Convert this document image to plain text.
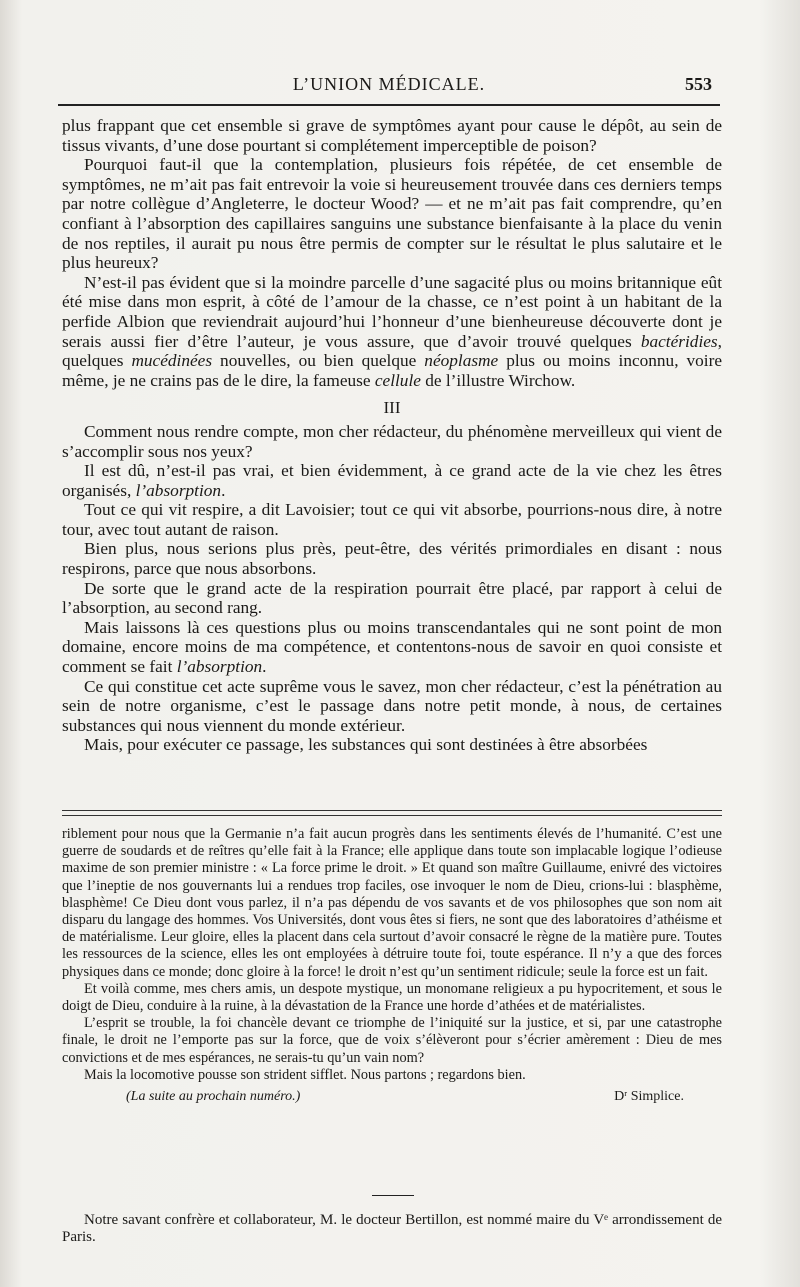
L’UNION MÉDICALE.	553

plus frappant que cet ensemble si grave de symptômes ayant pour cause le dépôt, au sein de tissus vivants, d’une dose pourtant si complétement imperceptible de poison?

Pourquoi faut-il que la contemplation, plusieurs fois répétée, de cet ensemble de symptômes, ne m’ait pas fait entrevoir la voie si heureusement trouvée dans ces derniers temps par notre collègue d’Angleterre, le docteur Wood? — et ne m’ait pas fait comprendre, qu’en confiant à l’absorption des capillaires sanguins une substance bienfaisante à la place du venin de nos reptiles, il aurait pu nous être permis de compter sur le résultat le plus salutaire et le plus heureux?

N’est-il pas évident que si la moindre parcelle d’une sagacité plus ou moins britannique eût été mise dans mon esprit, à côté de l’amour de la chasse, ce n’est point à un habitant de la perfide Albion que reviendrait aujourd’hui l’honneur d’une bienheureuse découverte dont je serais aussi fier d’être l’auteur, je vous assure, que d’avoir trouvé quelques bactéridies, quelques mucédinées nouvelles, ou bien quelque néoplasme plus ou moins inconnu, voire même, je ne crains pas de le dire, la fameuse cellule de l’illustre Wirchow.

III

Comment nous rendre compte, mon cher rédacteur, du phénomène merveilleux qui vient de s’accomplir sous nos yeux?

Il est dû, n’est-il pas vrai, et bien évidemment, à ce grand acte de la vie chez les êtres organisés, l’absorption.

Tout ce qui vit respire, a dit Lavoisier; tout ce qui vit absorbe, pourrions-nous dire, à notre tour, avec tout autant de raison.

Bien plus, nous serions plus près, peut-être, des vérités primordiales en disant : nous respirons, parce que nous absorbons.

De sorte que le grand acte de la respiration pourrait être placé, par rapport à celui de l’absorption, au second rang.

Mais laissons là ces questions plus ou moins transcendantales qui ne sont point de mon domaine, encore moins de ma compétence, et contentons-nous de savoir en quoi consiste et comment se fait l’absorption.

Ce qui constitue cet acte suprême vous le savez, mon cher rédacteur, c’est la pénétration au sein de notre organisme, c’est le passage dans notre petit monde, à nous, de certaines substances qui nous viennent du monde extérieur.

Mais, pour exécuter ce passage, les substances qui sont destinées à être absorbées

riblement pour nous que la Germanie n’a fait aucun progrès dans les sentiments élevés de l’humanité. C’est une guerre de soudards et de reîtres qu’elle fait à la France; elle applique dans toute son implacable logique l’odieuse maxime de son premier ministre : « La force prime le droit. » Et quand son maître Guillaume, enivré des victoires que l’ineptie de nos gouvernants lui a rendues trop faciles, ose invoquer le nom de Dieu, crions-lui : blasphème, blasphème! Ce Dieu dont vous parlez, il n’a pas dépendu de vos savants et de vos philosophes que son nom ait disparu du langage des hommes. Vos Universités, dont vous êtes si fiers, ne sont que des laboratoires d’athéisme et de matérialisme. Leur gloire, elles la placent dans cela surtout d’avoir consacré le règne de la matière pure. Toutes les ressources de la science, elles les ont employées à détruire toute foi, toute espérance. Il n’y a que des forces physiques dans ce monde; donc gloire à la force! le droit n’est qu’un sentiment ridicule; seule la force est un fait.

Et voilà comme, mes chers amis, un despote mystique, un monomane religieux a pu hypocritement, et sous le doigt de Dieu, conduire à la ruine, à la dévastation de la France une horde d’athées et de matérialistes.

L’esprit se trouble, la foi chancèle devant ce triomphe de l’iniquité sur la justice, et si, par une catastrophe finale, le droit ne l’emporte pas sur la force, que de voix s’élèveront pour s’écrier amèrement : Dieu de mes convictions et de mes espérances, ne serais-tu qu’un vain nom?

Mais la locomotive pousse son strident sifflet. Nous partons ; regardons bien.

(La suite au prochain numéro.)	Dʳ Simplice.

Notre savant confrère et collaborateur, M. le docteur Bertillon, est nommé maire du Vᵉ arrondissement de Paris.
